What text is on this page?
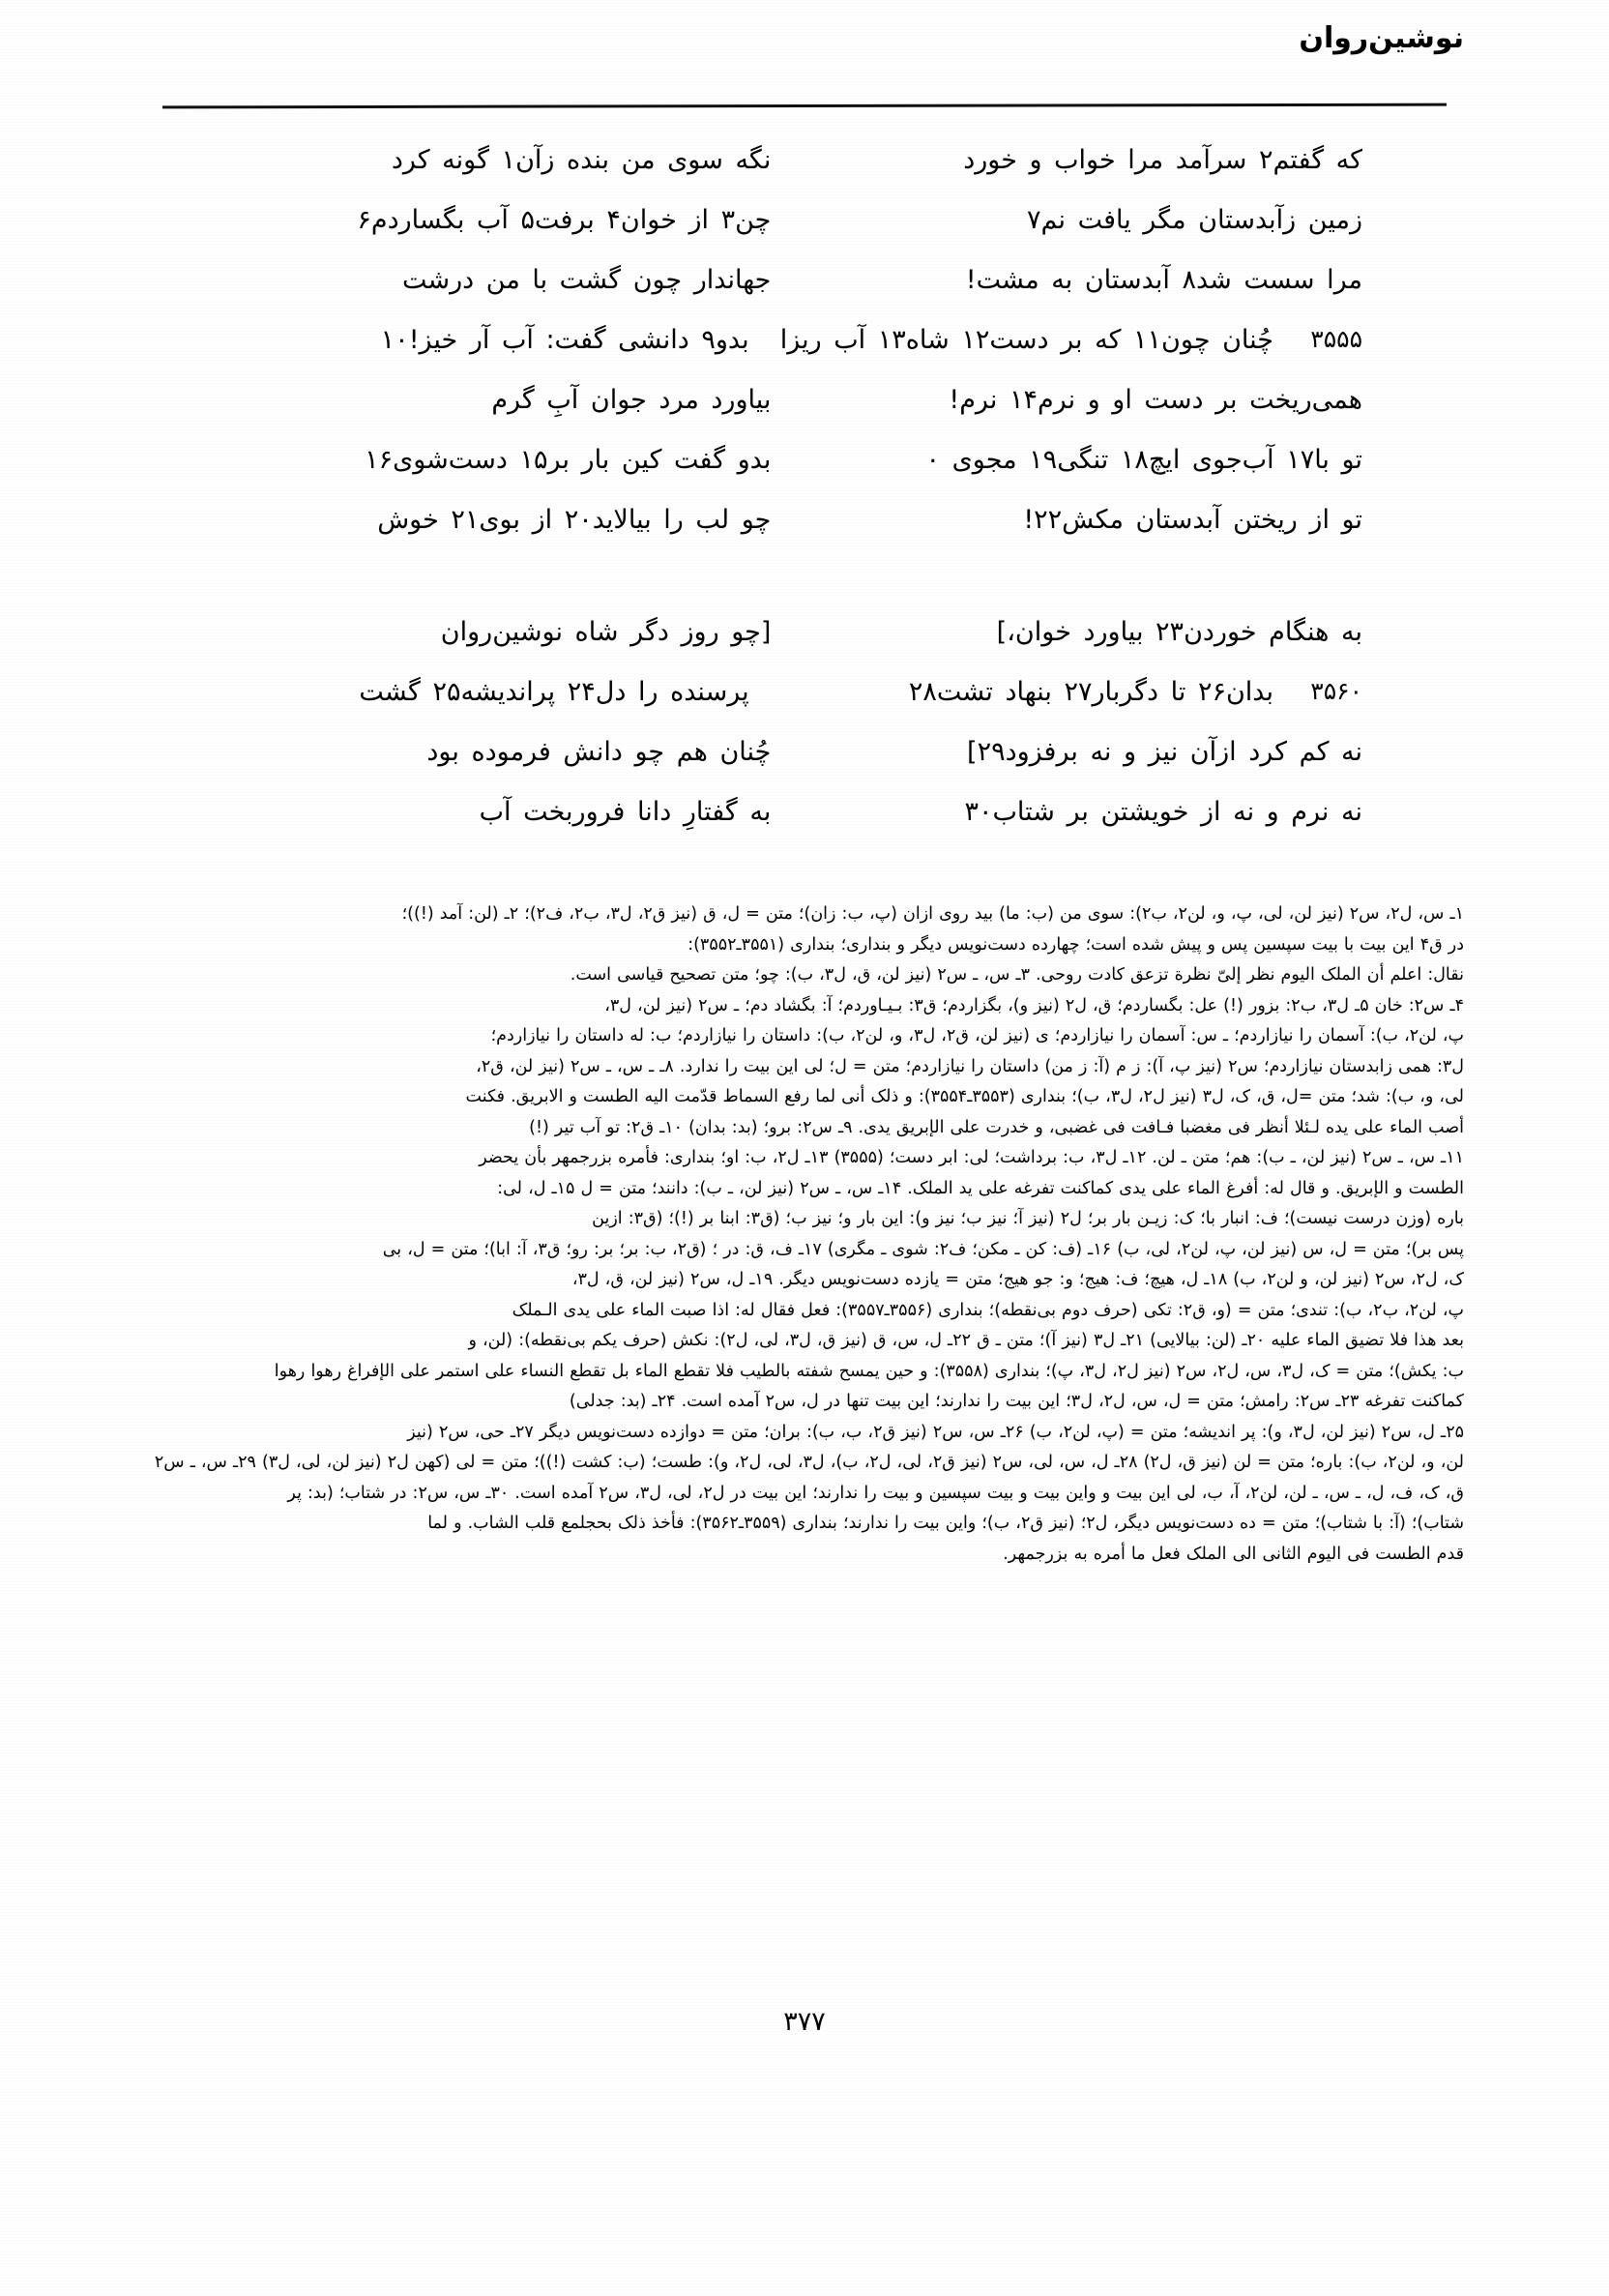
نوشین‌روان
که گفتم۲ سرآمد مرا خواب و خورد
نگه سوی من بنده زآن۱ گونه کرد
زمین زآبدستان مگر یافت نم۷
چن۳ از خوان۴ برفت۵ آب بگساردم۶
مرا سست شد۸ آبدستان به مشت!
جهاندار چون گشت با من درشت
۳۵۵۵
چُنان چون۱۱ که بر دست۱۲ شاه۱۳ آب ریزا
بدو۹ دانشی گفت: آب آر خیز!۱۰
همی‌ریخت بر دست او و نرم۱۴ نرم!
بیاورد مرد جوان آبِ گرم
تو با۱۷ آب‌جوی ایچ۱۸ تنگی۱۹ مجوی ۰
بدو گفت کین بار بر۱۵ دست‌شوی۱۶
تو از ریختن آبدستان مکش۲۲!
چو لب را بیالاید۲۰ از بوی۲۱ خوش
به هنگام خوردن۲۳ بیاورد خوان،]
[چو روز دگر شاه نوشین‌روان
۳۵۶۰
بدان۲۶ تا دگربار۲۷ بنهاد تشت۲۸
پرسنده را دل۲۴ پراندیشه۲۵ گشت
نه کم کرد ازآن نیز و نه برفزود۲۹]
چُنان هم چو دانش فرموده بود
نه نرم و نه از خویشتن بر شتاب۳۰
به گفتارِ دانا فروربخت آب

۱ـ س، ل۲، س۲ (نیز لن، لی، پ، و، لن۲، ب۲): سوی من (ب: ما) بید روی ازان (پ، ب: زان)؛ متن = ل، ق (نیز ق۲، ل۳، ب۲، ف۲)؛ ۲ـ (لن: آمد (!))؛

در ق۴ این بیت با بیت سپسین پس و پیش شده است؛ چهارده دست‌نویس دیگر و بنداری؛ بنداری (۳۵۵۱ـ۳۵۵۲):

نقال: اعلم أن الملک الیوم نظر إلیّ نظرة تزعق کادت روحی. ۳ـ س، ـ س۲ (نیز لن، ق، ل۳، ب): چو؛ متن تصحیح قیاسی است.

۴ـ س۲: خان ۵ـ ل۳، ب۲: بزور (!) عل: بگساردم؛ ق، ل۲ (نیز و)، بگزاردم؛ ق۳: بـیـاوردم؛ آ: بگشاد دم؛ ـ س۲ (نیز لن، ل۳،

پ، لن۲، ب): آسمان را نیازاردم؛ ـ س: آسمان را نیازاردم؛ ی (نیز لن، ق۲، ل۳، و، لن۲، ب): داستان را نیازاردم؛ ب: له داستان را نیازاردم؛

ل۳: همی زابدستان نیازاردم؛ س۲ (نیز پ، آ): ز م (آ: ز من) داستان را نیازاردم؛ متن = ل؛ لی این بیت را ندارد. ۸ـ ـ س، ـ س۲ (نیز لن، ق۲،

لی، و، ب): شد؛ متن =ل، ق، ک، ل۳ (نیز ل۲، ل۳، ب)؛ بنداری (۳۵۵۳ـ۳۵۵۴): و ذلک أنی لما رفع السماط قدّمت الیه الطست و الابریق. فکنت

أصب الماء علی یده لـئلا أنظر فی مغضبا فـافت فی غضبی، و خدرت علی الإبریق یدی. ۹ـ س۲: برو؛ (بد: بدان) ۱۰ـ ق۲: تو آب تیر (!)

۱۱ـ س، ـ س۲ (نیز لن، ـ ب): هم؛ متن ـ لن. ۱۲ـ ل۳، ب: برداشت؛ لی: ابر دست؛ (۳۵۵۵) ۱۳ـ ل۲، ب: او؛ بنداری: فأمره بزرجمهر بأن یحضر

الطست و الإبریق. و قال له: أفرغ الماء علی یدی کماکنت تفرغه علی ید الملک. ۱۴ـ س، ـ س۲ (نیز لن، ـ ب): دانند؛ متن = ل ۱۵ـ ل، لی:

باره (وزن درست نیست)؛ ف: انبار با؛ ک: زیـن بار بر؛ ل۲ (نیز آ؛ نیز ب؛ نیز و): این بار و؛ نیز ب؛ (ق۳: ابنا بر (!)؛ (ق۳: ازین

پس بر)؛ متن = ل، س (نیز لن، پ، لن۲، لی، ب) ۱۶ـ (ف: کن ـ مکن؛ ف۲: شوی ـ مگری) ۱۷ـ ف، ق: در ؛ (ق۲، ب: بر؛ بر: رو؛ ق۳، آ: ابا)؛ متن = ل، بی

ک، ل۲، س۲ (نیز لن، و لن۲، ب) ۱۸ـ ل، هیچ؛ ف: هیج؛ و: جو هیج؛ متن = یازده دست‌نویس دیگر. ۱۹ـ ل، س۲ (نیز لن، ق، ل۳،

پ، لن۲، ب۲، ب): تندی؛ متن = (و، ق۲: تکی (حرف دوم بی‌نقطه)؛ بنداری (۳۵۵۶ـ۳۵۵۷): فعل فقال له: اذا صبت الماء علی یدی الـملک

بعد هذا فلا تضیق الماء علیه ۲۰ـ (لن: بیالایی) ۲۱ـ ل۳ (نیز آ)؛ متن ـ ق ۲۲ـ ل، س، ق (نیز ق، ل۳، لی، ل۲): نکش (حرف یکم بی‌نقطه): (لن، و

ب: یکش)؛ متن = ک، ل۳، س، ل۲، س۲ (نیز ل۲، ل۳، پ)؛ بنداری (۳۵۵۸): و حین یمسح شفته بالطیب فلا تقطع الماء بل تقطع النساء علی استمر علی الإفراغ رهوا رهوا

کماکنت تفرغه ۲۳ـ س۲: رامش؛ متن = ل، س، ل۲، ل۳؛ این بیت را ندارند؛ این بیت تنها در ل، س۲ آمده است. ۲۴ـ (بد: جدلی)

۲۵ـ ل، س۲ (نیز لن، ل۳، و): پر اندیشه؛ متن = (پ، لن۲، ب) ۲۶ـ س، س۲ (نیز ق۲، ب، ب): بران؛ متن = دوازده دست‌نویس دیگر ۲۷ـ حی، س۲ (نیز

لن، و، لن۲، ب): باره؛ متن = لن (نیز ق، ل۲) ۲۸ـ ل، س، لی، س۲ (نیز ق۲، لی، ل۲، ب)، ل۳، لی، ل۲، و): طست؛ (ب: کشت (!))؛ متن = لی (کهن ل۲ (نیز لن، لی، ل۳) ۲۹ـ س، ـ س۲

ق، ک، ف، ل، ـ س، ـ لن، لن۲، آ، ب، لی این بیت و واین بیت و بیت سپسین و بیت را ندارند؛ این بیت در ل۲، لی، ل۳، س۲ آمده است. ۳۰ـ س، س۲: در شتاب؛ (بد: پر

شتاب)؛ (آ: با شتاب)؛ متن = ده دست‌نویس دیگر، ل۲؛ (نیز ق۲، ب)؛ واین بیت را ندارند؛ بنداری (۳۵۵۹ـ۳۵۶۲): فأخذ ذلک بحجلمع قلب الشاب. و لما

قدم الطست فی الیوم الثانی الی الملک فعل ما أمره به بزرجمهر.

۳۷۷
